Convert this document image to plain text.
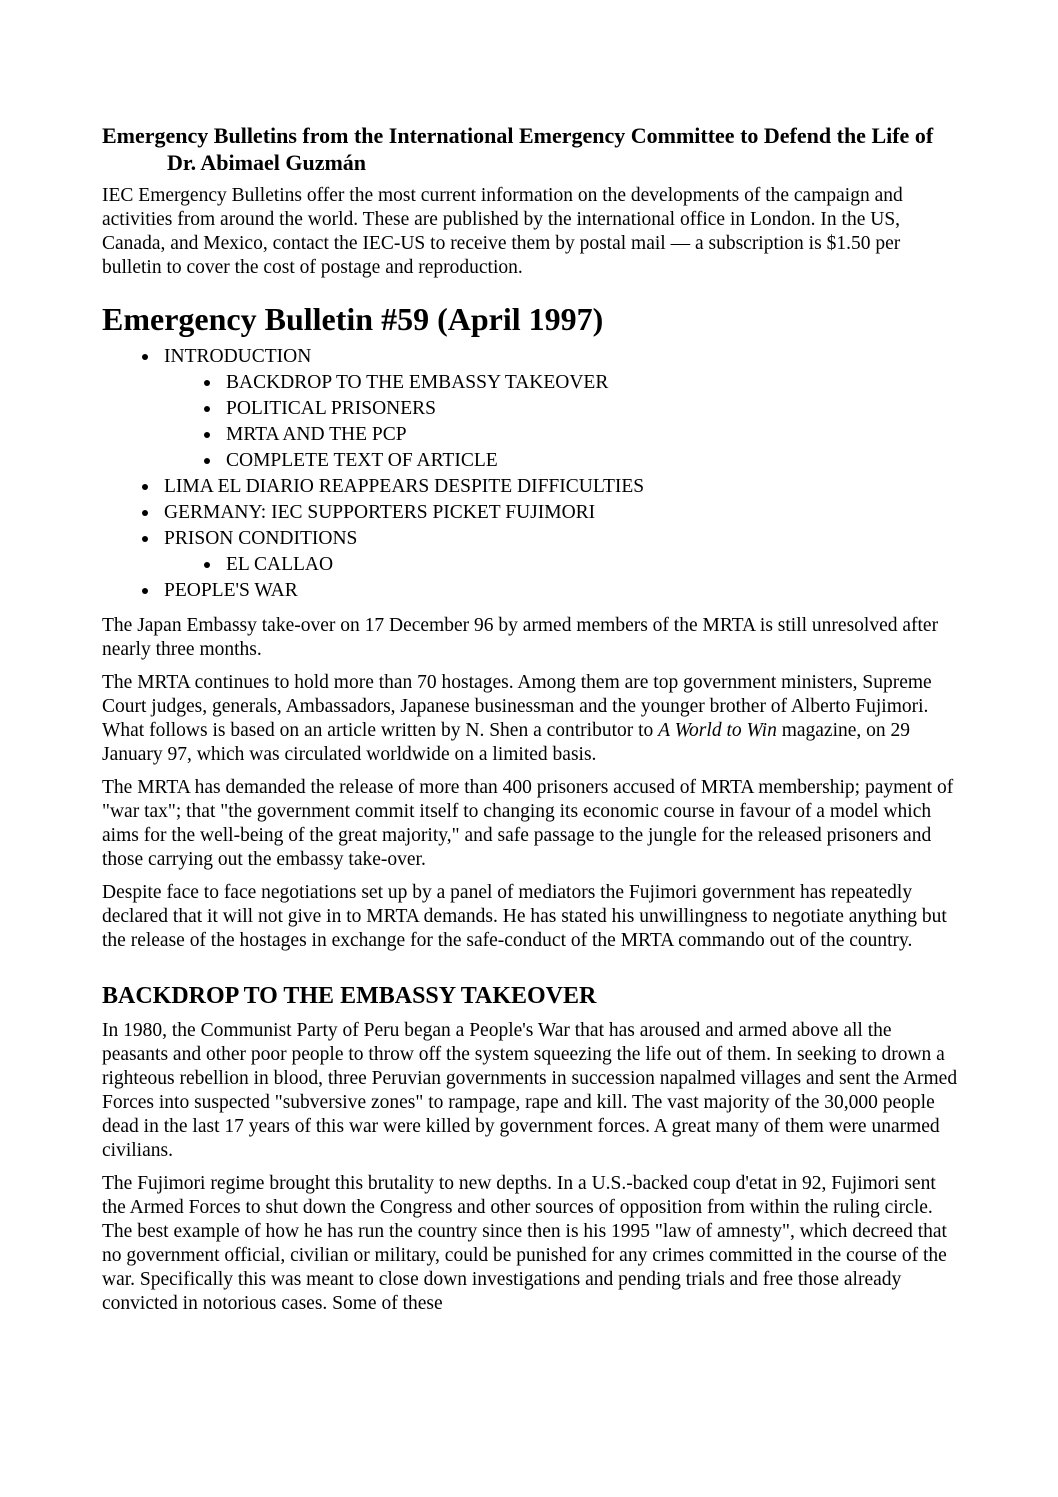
Emergency Bulletins from the International Emergency Committee to Defend the Life of Dr. Abimael Guzmán

IEC Emergency Bulletins offer the most current information on the developments of the campaign and activities from around the world. These are published by the international office in London. In the US, Canada, and Mexico, contact the IEC-US to receive them by postal mail — a subscription is $1.50 per bulletin to cover the cost of postage and reproduction.

Emergency Bulletin #59 (April 1997)
INTRODUCTION
BACKDROP TO THE EMBASSY TAKEOVER
POLITICAL PRISONERS
MRTA AND THE PCP
COMPLETE TEXT OF ARTICLE
LIMA EL DIARIO REAPPEARS DESPITE DIFFICULTIES
GERMANY: IEC SUPPORTERS PICKET FUJIMORI
PRISON CONDITIONS
EL CALLAO
PEOPLE'S WAR

The Japan Embassy take-over on 17 December 96 by armed members of the MRTA is still unresolved after nearly three months.

The MRTA continues to hold more than 70 hostages. Among them are top government ministers, Supreme Court judges, generals, Ambassadors, Japanese businessman and the younger brother of Alberto Fujimori. What follows is based on an article written by N. Shen a contributor to A World to Win magazine, on 29 January 97, which was circulated worldwide on a limited basis.

The MRTA has demanded the release of more than 400 prisoners accused of MRTA membership; payment of "war tax"; that "the government commit itself to changing its economic course in favour of a model which aims for the well-being of the great majority," and safe passage to the jungle for the released prisoners and those carrying out the embassy take-over.

Despite face to face negotiations set up by a panel of mediators the Fujimori government has repeatedly declared that it will not give in to MRTA demands. He has stated his unwillingness to negotiate anything but the release of the hostages in exchange for the safe-conduct of the MRTA commando out of the country.

BACKDROP TO THE EMBASSY TAKEOVER

In 1980, the Communist Party of Peru began a People's War that has aroused and armed above all the peasants and other poor people to throw off the system squeezing the life out of them. In seeking to drown a righteous rebellion in blood, three Peruvian governments in succession napalmed villages and sent the Armed Forces into suspected "subversive zones" to rampage, rape and kill. The vast majority of the 30,000 people dead in the last 17 years of this war were killed by government forces. A great many of them were unarmed civilians.

The Fujimori regime brought this brutality to new depths. In a U.S.-backed coup d'etat in 92, Fujimori sent the Armed Forces to shut down the Congress and other sources of opposition from within the ruling circle. The best example of how he has run the country since then is his 1995 "law of amnesty", which decreed that no government official, civilian or military, could be punished for any crimes committed in the course of the war. Specifically this was meant to close down investigations and pending trials and free those already convicted in notorious cases. Some of these
